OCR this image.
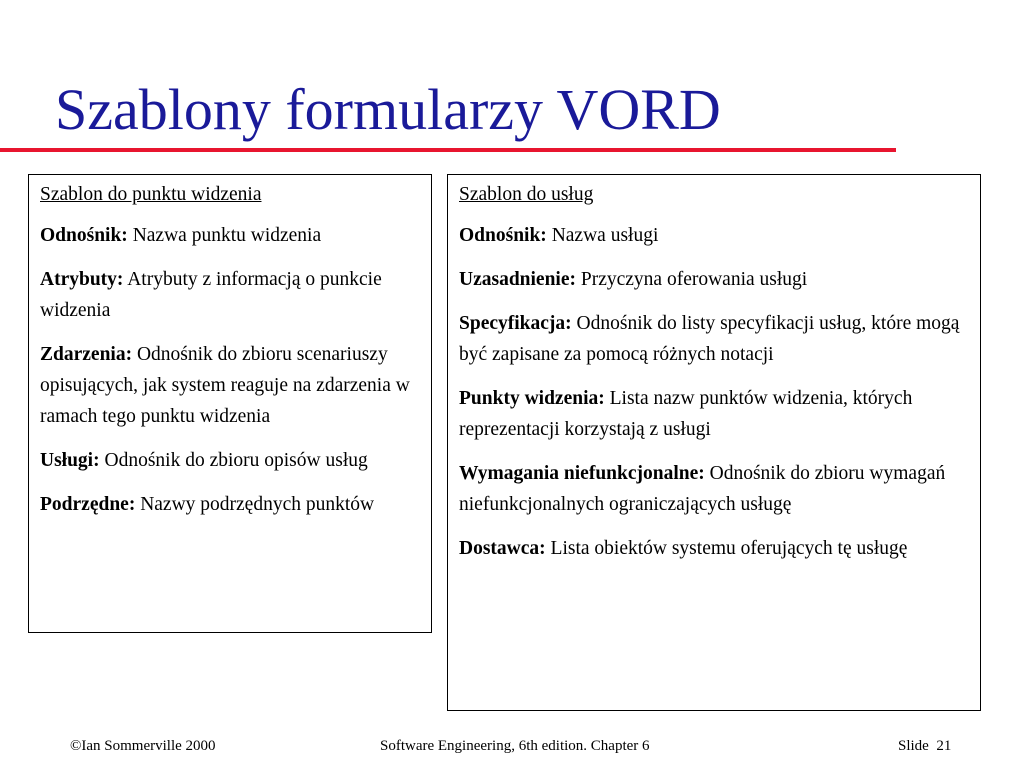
Szablony formularzy VORD
Szablon do punktu widzenia
Odnośnik: Nazwa punktu widzenia
Atrybuty: Atrybuty z informacją o punkcie widzenia
Zdarzenia: Odnośnik do zbioru scenariuszy opisujących, jak system reaguje na zdarzenia w ramach tego punktu widzenia
Usługi: Odnośnik do zbioru opisów usług
Podrzędne: Nazwy podrzędnych punktów
Szablon do usług
Odnośnik: Nazwa usługi
Uzasadnienie: Przyczyna oferowania usługi
Specyfikacja: Odnośnik do listy specyfikacji usług, które mogą być zapisane za pomocą różnych notacji
Punkty widzenia: Lista nazw punktów widzenia, których reprezentacji korzystają z usługi
Wymagania niefunkcjonalne: Odnośnik do zbioru wymagań niefunkcjonalnych ograniczających usługę
Dostawca: Lista obiektów systemu oferujących tę usługę
©Ian Sommerville 2000	Software Engineering, 6th edition. Chapter 6	Slide  21
